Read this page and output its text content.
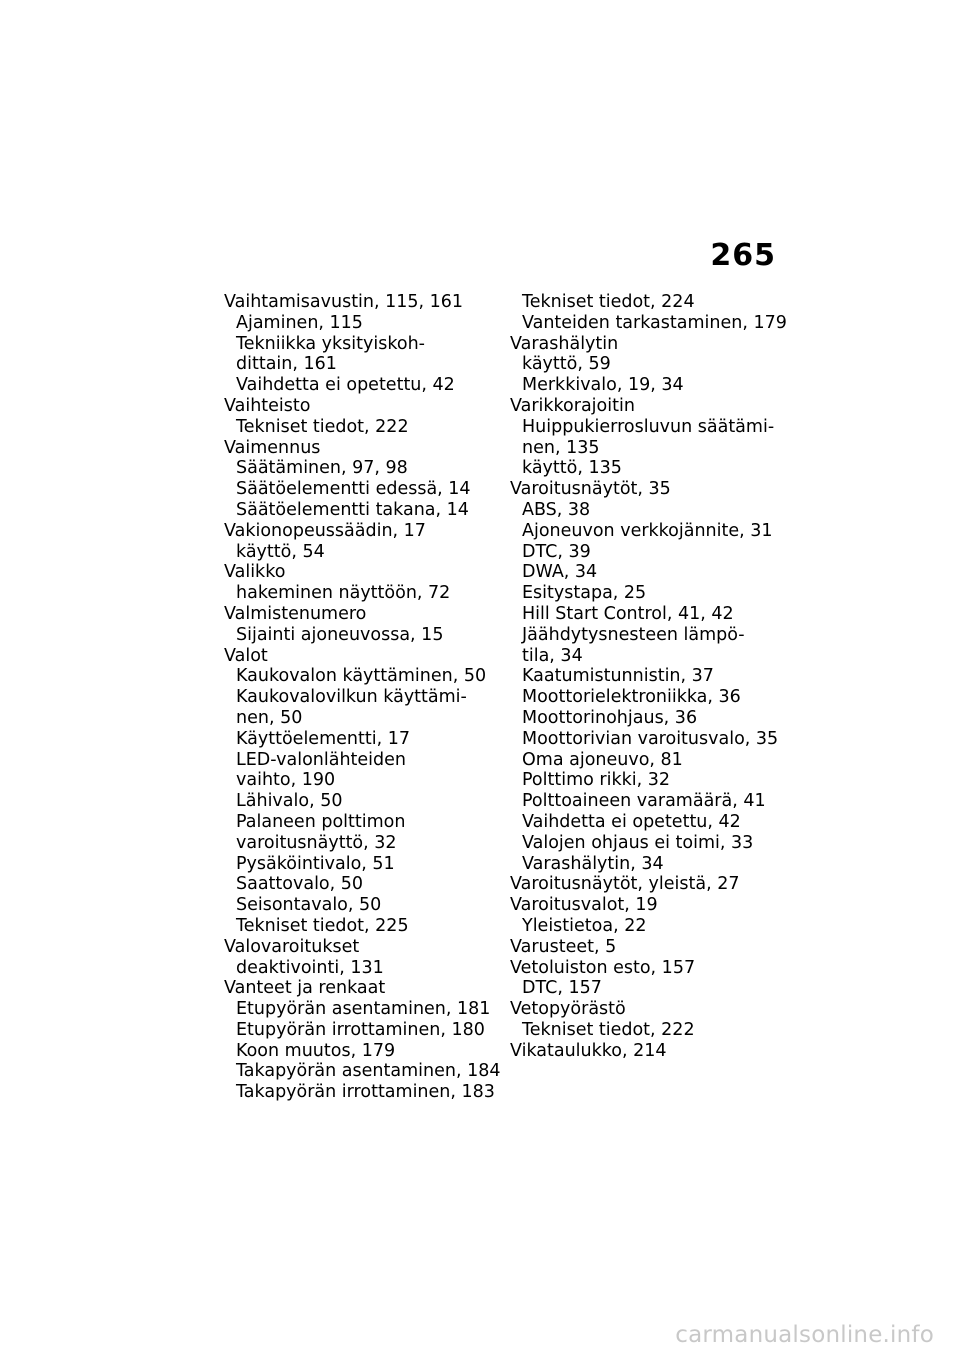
265
Vaihtamisavustin, 115, 161
Ajaminen, 115
Tekniikka yksityiskoh-
dittain, 161
Vaihdetta ei opetettu, 42
Vaihteisto
Tekniset tiedot, 222
Vaimennus
Säätäminen, 97, 98
Säätöelementti edessä, 14
Säätöelementti takana, 14
Vakionopeussäädin, 17
käyttö, 54
Valikko
hakeminen näyttöön, 72
Valmistenumero
Sijainti ajoneuvossa, 15
Valot
Kaukovalon käyttäminen, 50
Kaukovalovilkun käyttämi-
nen, 50
Käyttöelementti, 17
LED-valonlähteiden
vaihto, 190
Lähivalo, 50
Palaneen polttimon
varoitusnäyttö, 32
Pysäköintivalo, 51
Saattovalo, 50
Seisontavalo, 50
Tekniset tiedot, 225
Valovaroitukset
deaktivointi, 131
Vanteet ja renkaat
Etupyörän asentaminen, 181
Etupyörän irrottaminen, 180
Koon muutos, 179
Takapyörän asentaminen, 184
Takapyörän irrottaminen, 183
Tekniset tiedot, 224
Vanteiden tarkastaminen, 179
Varashälytin
käyttö, 59
Merkkivalo, 19, 34
Varikkorajoitin
Huippukierrosluvun säätämi-
nen, 135
käyttö, 135
Varoitusnäytöt, 35
ABS, 38
Ajoneuvon verkkojännite, 31
DTC, 39
DWA, 34
Esitystapa, 25
Hill Start Control, 41, 42
Jäähdytysnesteen lämpö-
tila, 34
Kaatumistunnistin, 37
Moottorielektroniikka, 36
Moottorinohjaus, 36
Moottorivian varoitusvalo, 35
Oma ajoneuvo, 81
Polttimo rikki, 32
Polttoaineen varamäärä, 41
Vaihdetta ei opetettu, 42
Valojen ohjaus ei toimi, 33
Varashälytin, 34
Varoitusnäytöt, yleistä, 27
Varoitusvalot, 19
Yleistietoa, 22
Varusteet, 5
Vetoluiston esto, 157
DTC, 157
Vetopyörästö
Tekniset tiedot, 222
Vikataulukko, 214
carmanualsonline.info
